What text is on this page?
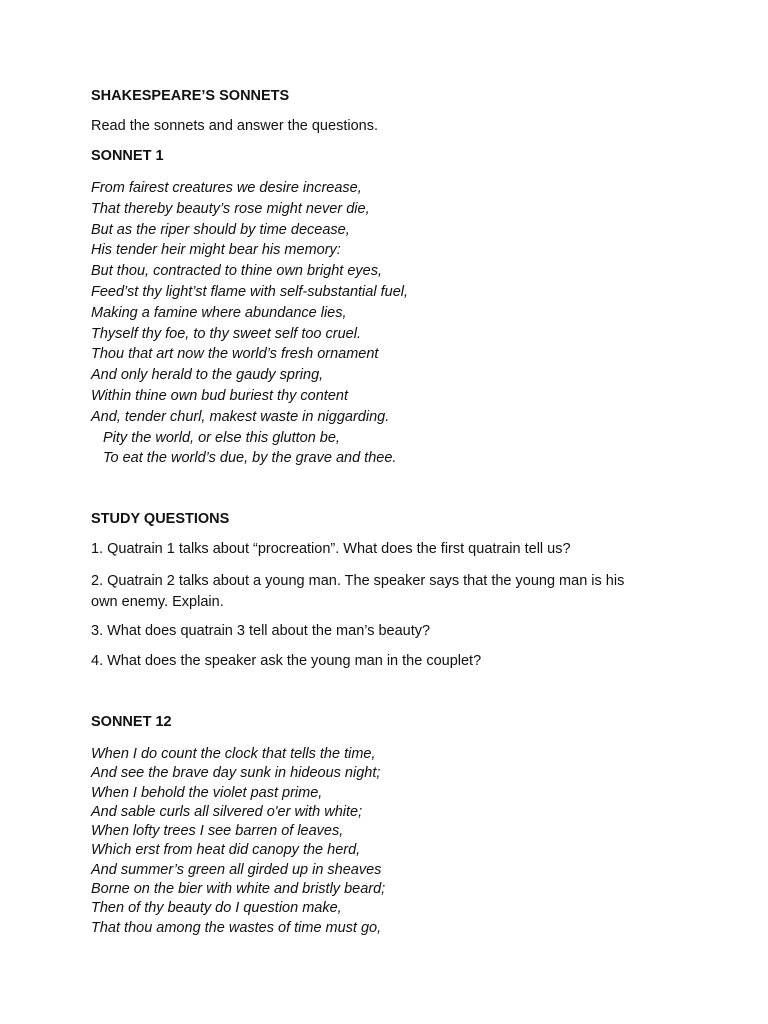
SHAKESPEARE’S SONNETS
Read the sonnets and answer the questions.
SONNET 1
From fairest creatures we desire increase,
That thereby beauty’s rose might never die,
But as the riper should by time decease,
His tender heir might bear his memory:
But thou, contracted to thine own bright eyes,
Feed’st thy light’st flame with self-substantial fuel,
Making a famine where abundance lies,
Thyself thy foe, to thy sweet self too cruel.
Thou that art now the world’s fresh ornament
And only herald to the gaudy spring,
Within thine own bud buriest thy content
And, tender churl, makest waste in niggarding.
Pity the world, or else this glutton be,
To eat the world’s due, by the grave and thee.
STUDY QUESTIONS
1. Quatrain 1 talks about “procreation”. What does the first quatrain tell us?
2. Quatrain 2 talks about a young man. The speaker says that the young man is his own enemy. Explain.
3. What does quatrain 3 tell about the man’s beauty?
4. What does the speaker ask the young man in the couplet?
SONNET 12
When I do count the clock that tells the time,
And see the brave day sunk in hideous night;
When I behold the violet past prime,
And sable curls all silvered o'er with white;
When lofty trees I see barren of leaves,
Which erst from heat did canopy the herd,
And summer’s green all girded up in sheaves
Borne on the bier with white and bristly beard;
Then of thy beauty do I question make,
That thou among the wastes of time must go,
